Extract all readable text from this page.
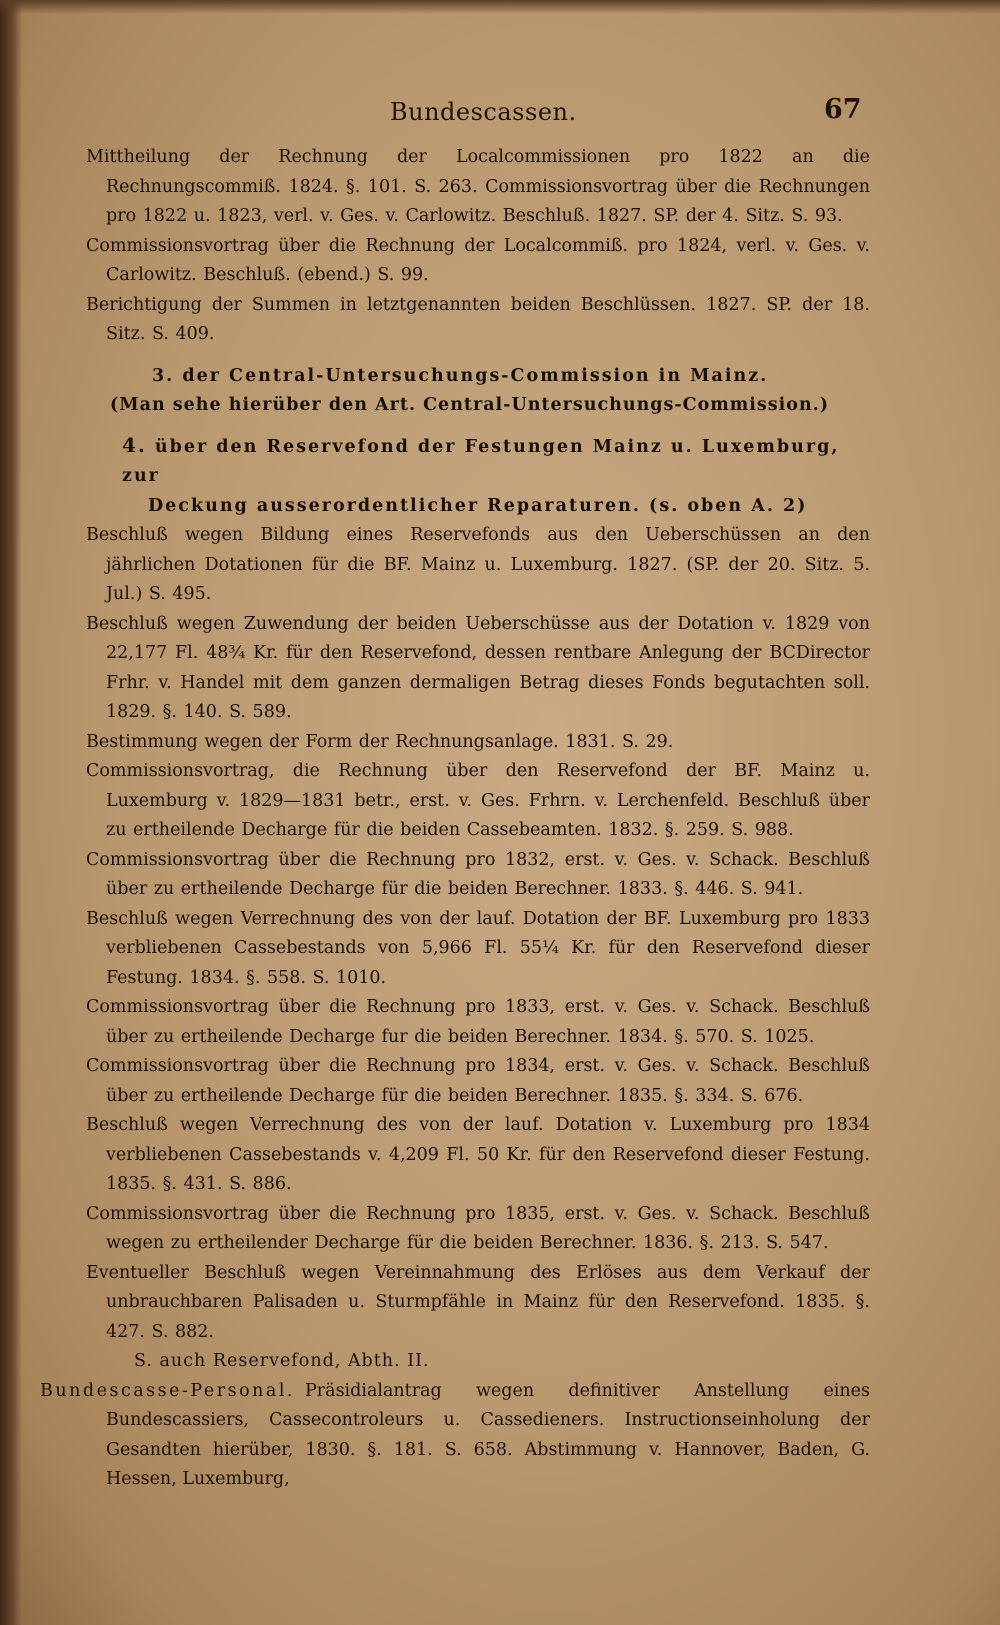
Bundescassen.	67

Mittheilung der Rechnung der Localcommissionen pro 1822 an die Rechnungscommiß. 1824. §. 101. S. 263. Commissionsvortrag über die Rechnungen pro 1822 u. 1823, verl. v. Ges. v. Carlowitz. Beschluß. 1827. SP. der 4. Sitz. S. 93.

Commissionsvortrag über die Rechnung der Localcommiß. pro 1824, verl. v. Ges. v. Carlowitz. Beschluß. (ebend.) S. 99.

Berichtigung der Summen in letztgenannten beiden Beschlüssen. 1827. SP. der 18. Sitz. S. 409.

3. der Central-Untersuchungs-Commission in Mainz.

(Man sehe hierüber den Art. Central-Untersuchungs-Commission.)

4. über den Reservefond der Festungen Mainz u. Luxemburg, zur
Deckung ausserordentlicher Reparaturen. (s. oben A. 2)

Beschluß wegen Bildung eines Reservefonds aus den Ueberschüssen an den jährlichen Dotationen für die BF. Mainz u. Luxemburg. 1827. (SP. der 20. Sitz. 5. Jul.) S. 495.

Beschluß wegen Zuwendung der beiden Ueberschüsse aus der Dotation v. 1829 von 22,177 Fl. 48¾ Kr. für den Reservefond, dessen rentbare Anlegung der BCDirector Frhr. v. Handel mit dem ganzen dermaligen Betrag dieses Fonds begutachten soll. 1829. §. 140. S. 589.

Bestimmung wegen der Form der Rechnungsanlage. 1831. S. 29.

Commissionsvortrag, die Rechnung über den Reservefond der BF. Mainz u. Luxemburg v. 1829—1831 betr., erst. v. Ges. Frhrn. v. Lerchenfeld. Beschluß über zu ertheilende Decharge für die beiden Cassebeamten. 1832. §. 259. S. 988.

Commissionsvortrag über die Rechnung pro 1832, erst. v. Ges. v. Schack. Beschluß über zu ertheilende Decharge für die beiden Berechner. 1833. §. 446. S. 941.

Beschluß wegen Verrechnung des von der lauf. Dotation der BF. Luxemburg pro 1833 verbliebenen Cassebestands von 5,966 Fl. 55¼ Kr. für den Reservefond dieser Festung. 1834. §. 558. S. 1010.

Commissionsvortrag über die Rechnung pro 1833, erst. v. Ges. v. Schack. Beschluß über zu ertheilende Decharge fur die beiden Berechner. 1834. §. 570. S. 1025.

Commissionsvortrag über die Rechnung pro 1834, erst. v. Ges. v. Schack. Beschluß über zu ertheilende Decharge für die beiden Berechner. 1835. §. 334. S. 676.

Beschluß wegen Verrechnung des von der lauf. Dotation v. Luxemburg pro 1834 verbliebenen Cassebestands v. 4,209 Fl. 50 Kr. für den Reservefond dieser Festung. 1835. §. 431. S. 886.

Commissionsvortrag über die Rechnung pro 1835, erst. v. Ges. v. Schack. Beschluß wegen zu ertheilender Decharge für die beiden Berechner. 1836. §. 213. S. 547.

Eventueller Beschluß wegen Vereinnahmung des Erlöses aus dem Verkauf der unbrauchbaren Palisaden u. Sturmpfähle in Mainz für den Reservefond. 1835. §. 427. S. 882.

S. auch Reservefond, Abth. II.

Bundescasse-Personal. Präsidialantrag wegen definitiver Anstellung eines Bundescassiers, Cassecontroleurs u. Cassedieners. Instructionseinholung der Gesandten hierüber, 1830. §. 181. S. 658. Abstimmung v. Hannover, Baden, G. Hessen, Luxemburg,
